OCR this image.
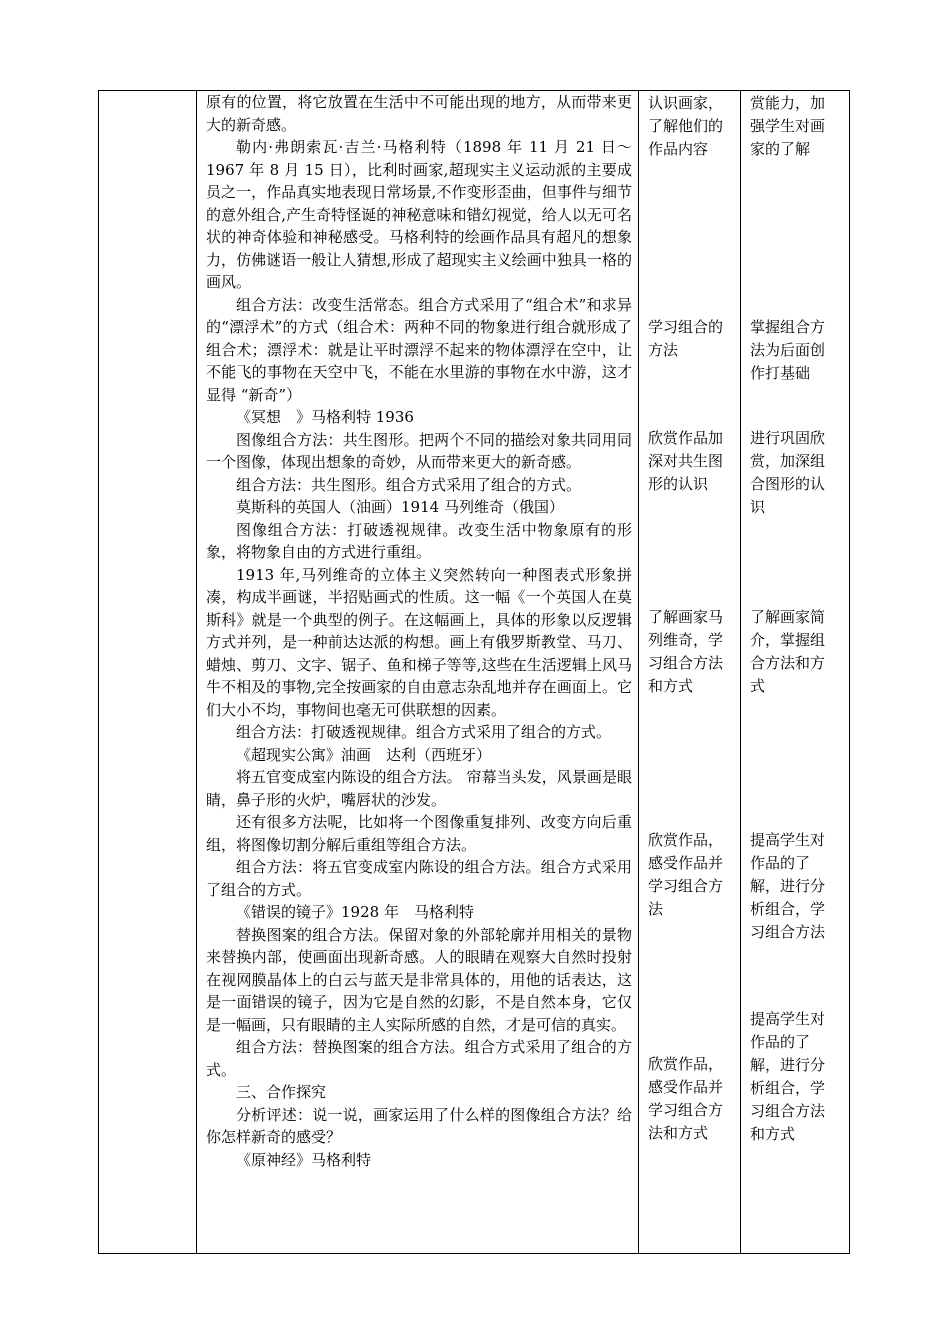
原有的位置，将它放置在生活中不可能出现的地方，从而带来更大的新奇感。

勒内·弗朗索瓦·吉兰·马格利特（1898 年 11 月 21 日～1967 年 8 月 15 日），比利时画家,超现实主义运动派的主要成员之一，作品真实地表现日常场景,不作变形歪曲，但事件与细节的意外组合,产生奇特怪诞的神秘意味和错幻视觉，给人以无可名状的神奇体验和神秘感受。马格利特的绘画作品具有超凡的想象力，仿佛谜语一般让人猜想,形成了超现实主义绘画中独具一格的画风。

组合方法：改变生活常态。组合方式采用了“组合术”和求异的“漂浮术”的方式（组合术：两种不同的物象进行组合就形成了组合术；漂浮术：就是让平时漂浮不起来的物体漂浮在空中，让不能飞的事物在天空中飞，不能在水里游的事物在水中游，这才显得 “新奇”）

《冥想　》马格利特 1936

图像组合方法：共生图形。把两个不同的描绘对象共同用同一个图像，体现出想象的奇妙，从而带来更大的新奇感。

组合方法：共生图形。组合方式采用了组合的方式。

莫斯科的英国人（油画）1914 马列维奇（俄国）

图像组合方法：打破透视规律。改变生活中物象原有的形象，将物象自由的方式进行重组。

1913 年,马列维奇的立体主义突然转向一种图表式形象拼凑，构成半画谜，半招贴画式的性质。这一幅《一个英国人在莫斯科》就是一个典型的例子。在这幅画上，具体的形象以反逻辑方式并列，是一种前达达派的构想。画上有俄罗斯教堂、马刀、蜡烛、剪刀、文字、锯子、鱼和梯子等等,这些在生活逻辑上风马牛不相及的事物,完全按画家的自由意志杂乱地并存在画面上。它们大小不均，事物间也毫无可供联想的因素。

组合方法：打破透视规律。组合方式采用了组合的方式。

《超现实公寓》油画　达利（西班牙）

将五官变成室内陈设的组合方法。 帘幕当头发，风景画是眼睛，鼻子形的火炉，嘴唇状的沙发。

还有很多方法呢，比如将一个图像重复排列、改变方向后重组，将图像切割分解后重组等组合方法。

组合方法：将五官变成室内陈设的组合方法。组合方式采用了组合的方式。

《错误的镜子》1928 年　马格利特

替换图案的组合方法。保留对象的外部轮廓并用相关的景物来替换内部，使画面出现新奇感。人的眼睛在观察大自然时投射在视网膜晶体上的白云与蓝天是非常具体的，用他的话表达，这是一面错误的镜子，因为它是自然的幻影，不是自然本身，它仅是一幅画，只有眼睛的主人实际所感的自然，才是可信的真实。

组合方法：替换图案的组合方法。组合方式采用了组合的方式。

三、合作探究

分析评述：说一说，画家运用了什么样的图像组合方法？给你怎样新奇的感受？

《原神经》马格利特

认识画家，
了解他们的
作品内容
学习组合的
方法
欣赏作品加
深对共生图
形的认识
了解画家马
列维奇，学
习组合方法
和方式
欣赏作品，
感受作品并
学习组合方
法
欣赏作品，
感受作品并
学习组合方
法和方式
赏能力，加
强学生对画
家的了解
掌握组合方
法为后面创
作打基础
进行巩固欣
赏，加深组
合图形的认
识
了解画家简
介，掌握组
合方法和方
式
提高学生对
作品的了
解，进行分
析组合，学
习组合方法
提高学生对
作品的了
解，进行分
析组合，学
习组合方法
和方式
